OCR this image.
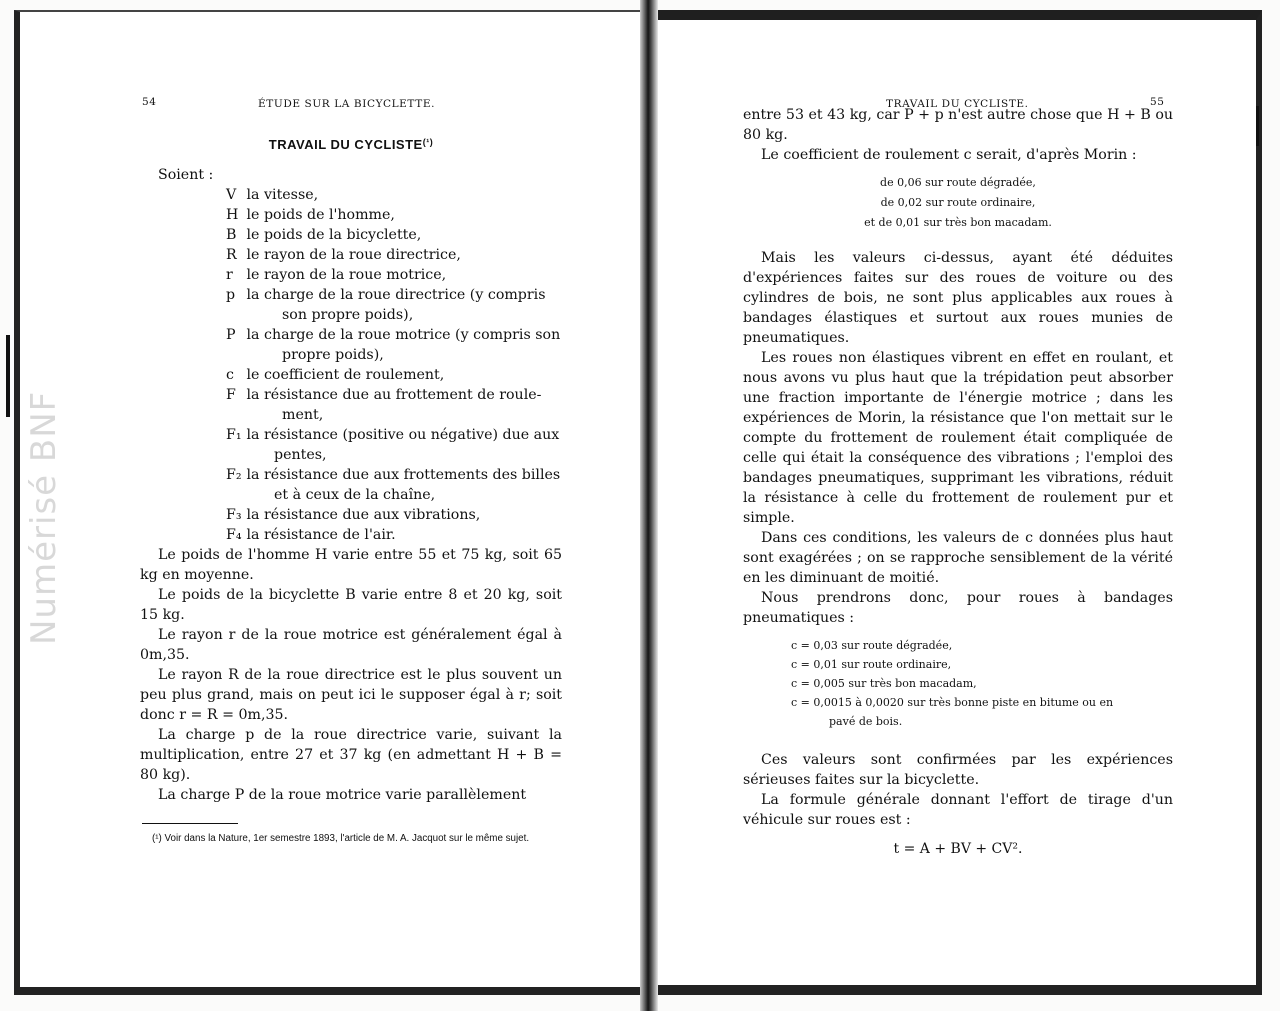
Numérisé BNF
54	ÉTUDE SUR LA BICYCLETTE.
TRAVAIL DU $CYCLISTE^{(^1)}$
Soient :
V la vitesse,
H le poids de l'homme,
B le poids de la bicyclette,
R le rayon de la roue directrice,
r le rayon de la roue motrice,
p la charge de la roue directrice (y compris
son propre poids),
P la charge de la roue motrice (y compris son
propre poids),
c le coefficient de roulement,
F la résistance due au frottement de roule-
ment,
F₁ la résistance (positive ou négative) due aux
pentes,
F₂ la résistance due aux frottements des billes
et à ceux de la chaîne,
F₃ la résistance due aux vibrations,
F₄ la résistance de l'air.

Le poids de l'homme H varie entre 55 et 75 kg, soit 65 kg en moyenne.

Le poids de la bicyclette B varie entre 8 et 20 kg, soit 15 kg.

Le rayon r de la roue motrice est généralement égal à 0m,35.

Le rayon R de la roue directrice est le plus souvent un peu plus grand, mais on peut ici le supposer égal à r; soit donc r = R = 0m,35.

La charge p de la roue directrice varie, suivant la multiplication, entre 27 et 37 kg (en admettant H + B = 80 kg).

La charge P de la roue motrice varie parallèlement

(¹) Voir dans la Nature, 1er semestre 1893, l'article de M. A. Jacquot sur le même sujet.

TRAVAIL DU CYCLISTE.	55

entre 53 et 43 kg, car P + p n'est autre chose que H + B ou 80 kg.

Le coefficient de roulement c serait, d'après Morin :

de 0,06 sur route dégradée,
de 0,02 sur route ordinaire,
et de 0,01 sur très bon macadam.

Mais les valeurs ci-dessus, ayant été déduites d'expériences faites sur des roues de voiture ou des cylindres de bois, ne sont plus applicables aux roues à bandages élastiques et surtout aux roues munies de pneumatiques.

Les roues non élastiques vibrent en effet en roulant, et nous avons vu plus haut que la trépidation peut absorber une fraction importante de l'énergie motrice ; dans les expériences de Morin, la résistance que l'on mettait sur le compte du frottement de roulement était compliquée de celle qui était la conséquence des vibrations ; l'emploi des bandages pneumatiques, supprimant les vibrations, réduit la résistance à celle du frottement de roulement pur et simple.

Dans ces conditions, les valeurs de c données plus haut sont exagérées ; on se rapproche sensiblement de la vérité en les diminuant de moitié.

Nous prendrons donc, pour roues à bandages pneumatiques :

c = 0,03 sur route dégradée,
c = 0,01 sur route ordinaire,
c = 0,005 sur très bon macadam,
c = 0,0015 à 0,0020 sur très bonne piste en bitume ou en
pavé de bois.

Ces valeurs sont confirmées par les expériences sérieuses faites sur la bicyclette.

La formule générale donnant l'effort de tirage d'un véhicule sur roues est :

t = A + BV + CV².
